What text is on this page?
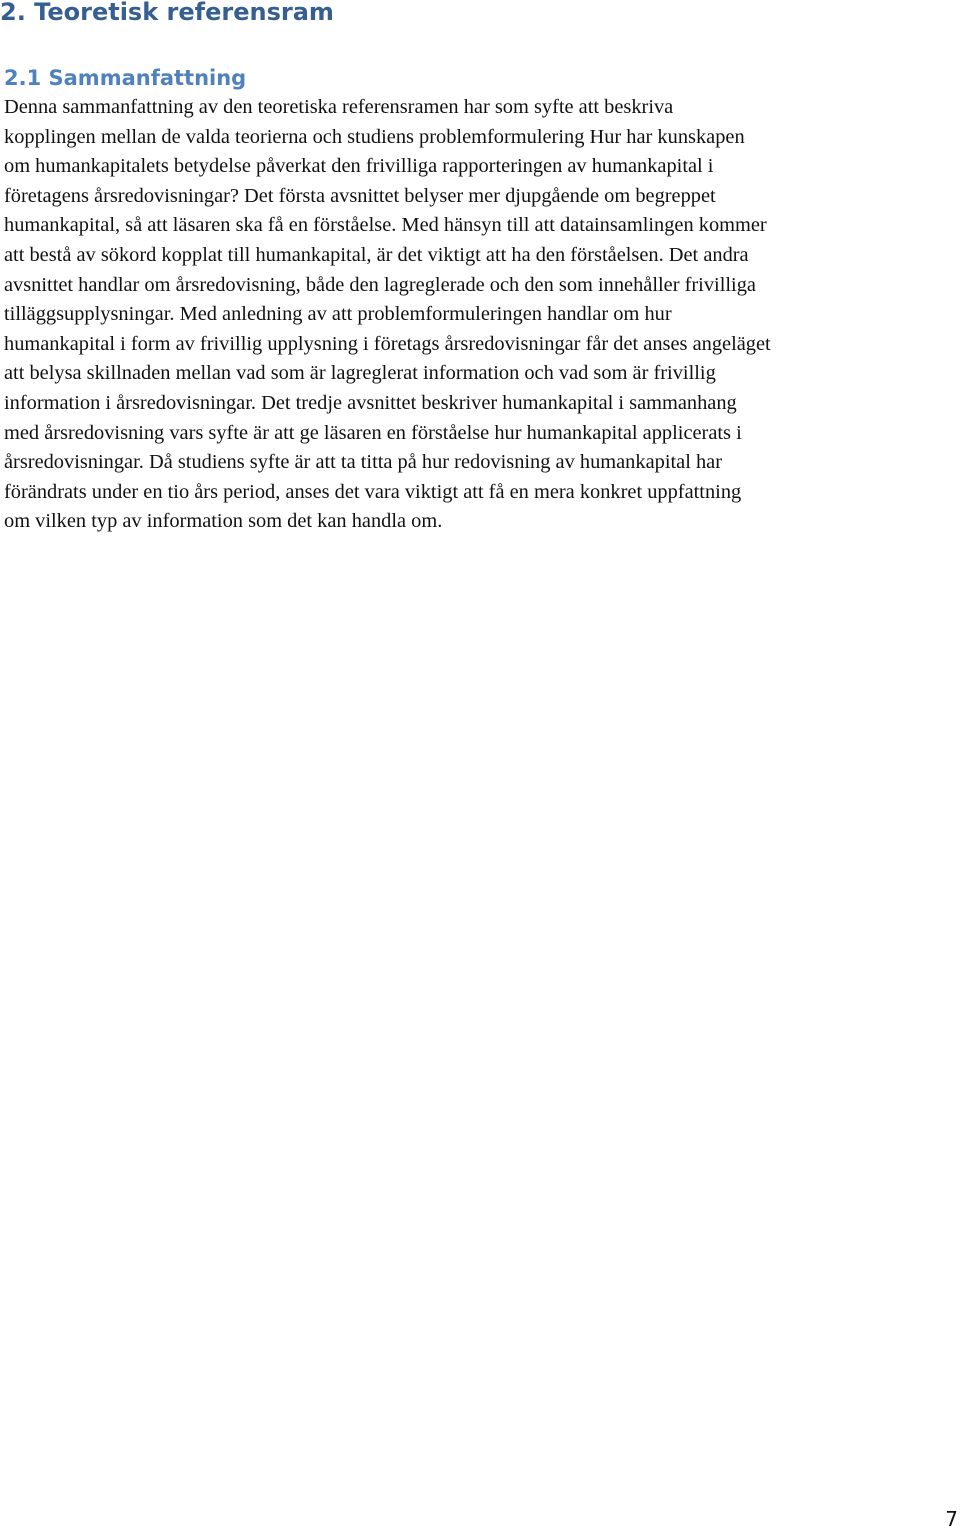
2. Teoretisk referensram
2.1 Sammanfattning

Denna sammanfattning av den teoretiska referensramen har som syfte att beskriva
kopplingen mellan de valda teorierna och studiens problemformulering Hur har kunskapen
om humankapitalets betydelse påverkat den frivilliga rapporteringen av humankapital i
företagens årsredovisningar? Det första avsnittet belyser mer djupgående om begreppet
humankapital, så att läsaren ska få en förståelse. Med hänsyn till att datainsamlingen kommer
att bestå av sökord kopplat till humankapital, är det viktigt att ha den förståelsen. Det andra
avsnittet handlar om årsredovisning, både den lagreglerade och den som innehåller frivilliga
tilläggsupplysningar. Med anledning av att problemformuleringen handlar om hur
humankapital i form av frivillig upplysning i företags årsredovisningar får det anses angeläget
att belysa skillnaden mellan vad som är lagreglerat information och vad som är frivillig
information i årsredovisningar. Det tredje avsnittet beskriver humankapital i sammanhang
med årsredovisning vars syfte är att ge läsaren en förståelse hur humankapital applicerats i
årsredovisningar. Då studiens syfte är att ta titta på hur redovisning av humankapital har
förändrats under en tio års period, anses det vara viktigt att få en mera konkret uppfattning
om vilken typ av information som det kan handla om.

7
